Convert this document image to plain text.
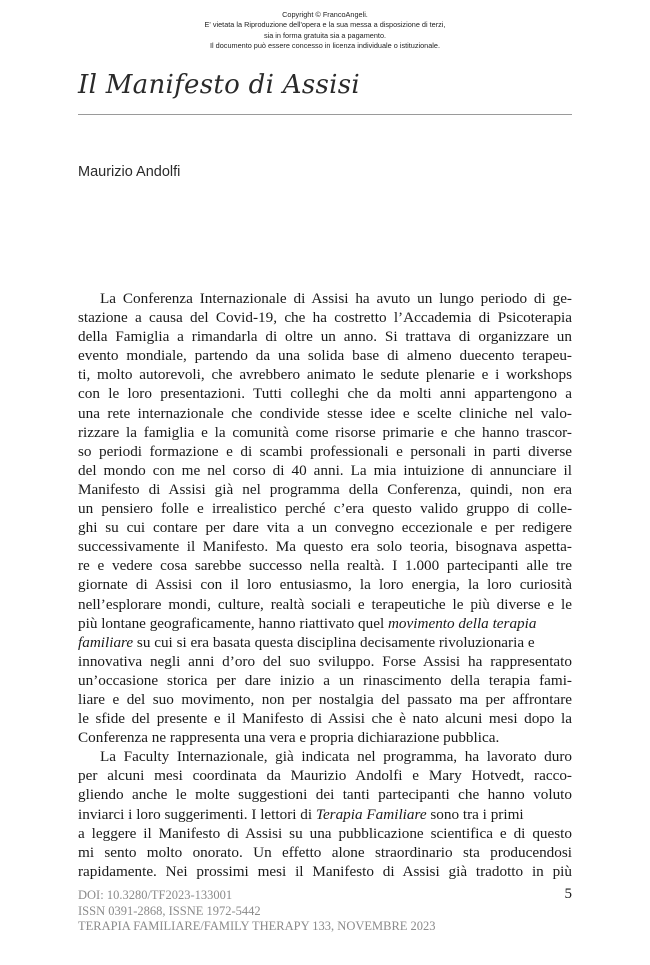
Copyright © FrancoAngeli.
E' vietata la Riproduzione dell'opera e la sua messa a disposizione di terzi,
sia in forma gratuita sia a pagamento.
Il documento può essere concesso in licenza individuale o istituzionale.
Il Manifesto di Assisi
Maurizio Andolfi
La Conferenza Internazionale di Assisi ha avuto un lungo periodo di ge-
stazione a causa del Covid-19, che ha costretto l’Accademia di Psicoterapia
della Famiglia a rimandarla di oltre un anno. Si trattava di organizzare un
evento mondiale, partendo da una solida base di almeno duecento terapeu-
ti, molto autorevoli, che avrebbero animato le sedute plenarie e i workshops
con le loro presentazioni. Tutti colleghi che da molti anni appartengono a
una rete internazionale che condivide stesse idee e scelte cliniche nel valo-
rizzare la famiglia e la comunità come risorse primarie e che hanno trascor-
so periodi formazione e di scambi professionali e personali in parti diverse
del mondo con me nel corso di 40 anni. La mia intuizione di annunciare il
Manifesto di Assisi già nel programma della Conferenza, quindi, non era
un pensiero folle e irrealistico perché c’era questo valido gruppo di colle-
ghi su cui contare per dare vita a un convegno eccezionale e per redigere
successivamente il Manifesto. Ma questo era solo teoria, bisognava aspetta-
re e vedere cosa sarebbe successo nella realtà. I 1.000 partecipanti alle tre
giornate di Assisi con il loro entusiasmo, la loro energia, la loro curiosità
nell’esplorare mondi, culture, realtà sociali e terapeutiche le più diverse e le
più lontane geograficamente, hanno riattivato quel movimento della terapia
familiare su cui si era basata questa disciplina decisamente rivoluzionaria e
innovativa negli anni d’oro del suo sviluppo. Forse Assisi ha rappresentato
un’occasione storica per dare inizio a un rinascimento della terapia fami-
liare e del suo movimento, non per nostalgia del passato ma per affrontare
le sfide del presente e il Manifesto di Assisi che è nato alcuni mesi dopo la
Conferenza ne rappresenta una vera e propria dichiarazione pubblica.
La Faculty Internazionale, già indicata nel programma, ha lavorato duro
per alcuni mesi coordinata da Maurizio Andolfi e Mary Hotvedt, racco-
gliendo anche le molte suggestioni dei tanti partecipanti che hanno voluto
inviarci i loro suggerimenti. I lettori di Terapia Familiare sono tra i primi
a leggere il Manifesto di Assisi su una pubblicazione scientifica e di questo
mi sento molto onorato. Un effetto alone straordinario sta producendosi
rapidamente. Nei prossimi mesi il Manifesto di Assisi già tradotto in più
DOI: 10.3280/TF2023-133001
ISSN 0391-2868, ISSNE 1972-5442
TERAPIA FAMILIARE/FAMILY THERAPY 133, NOVEMBRE 2023
5
